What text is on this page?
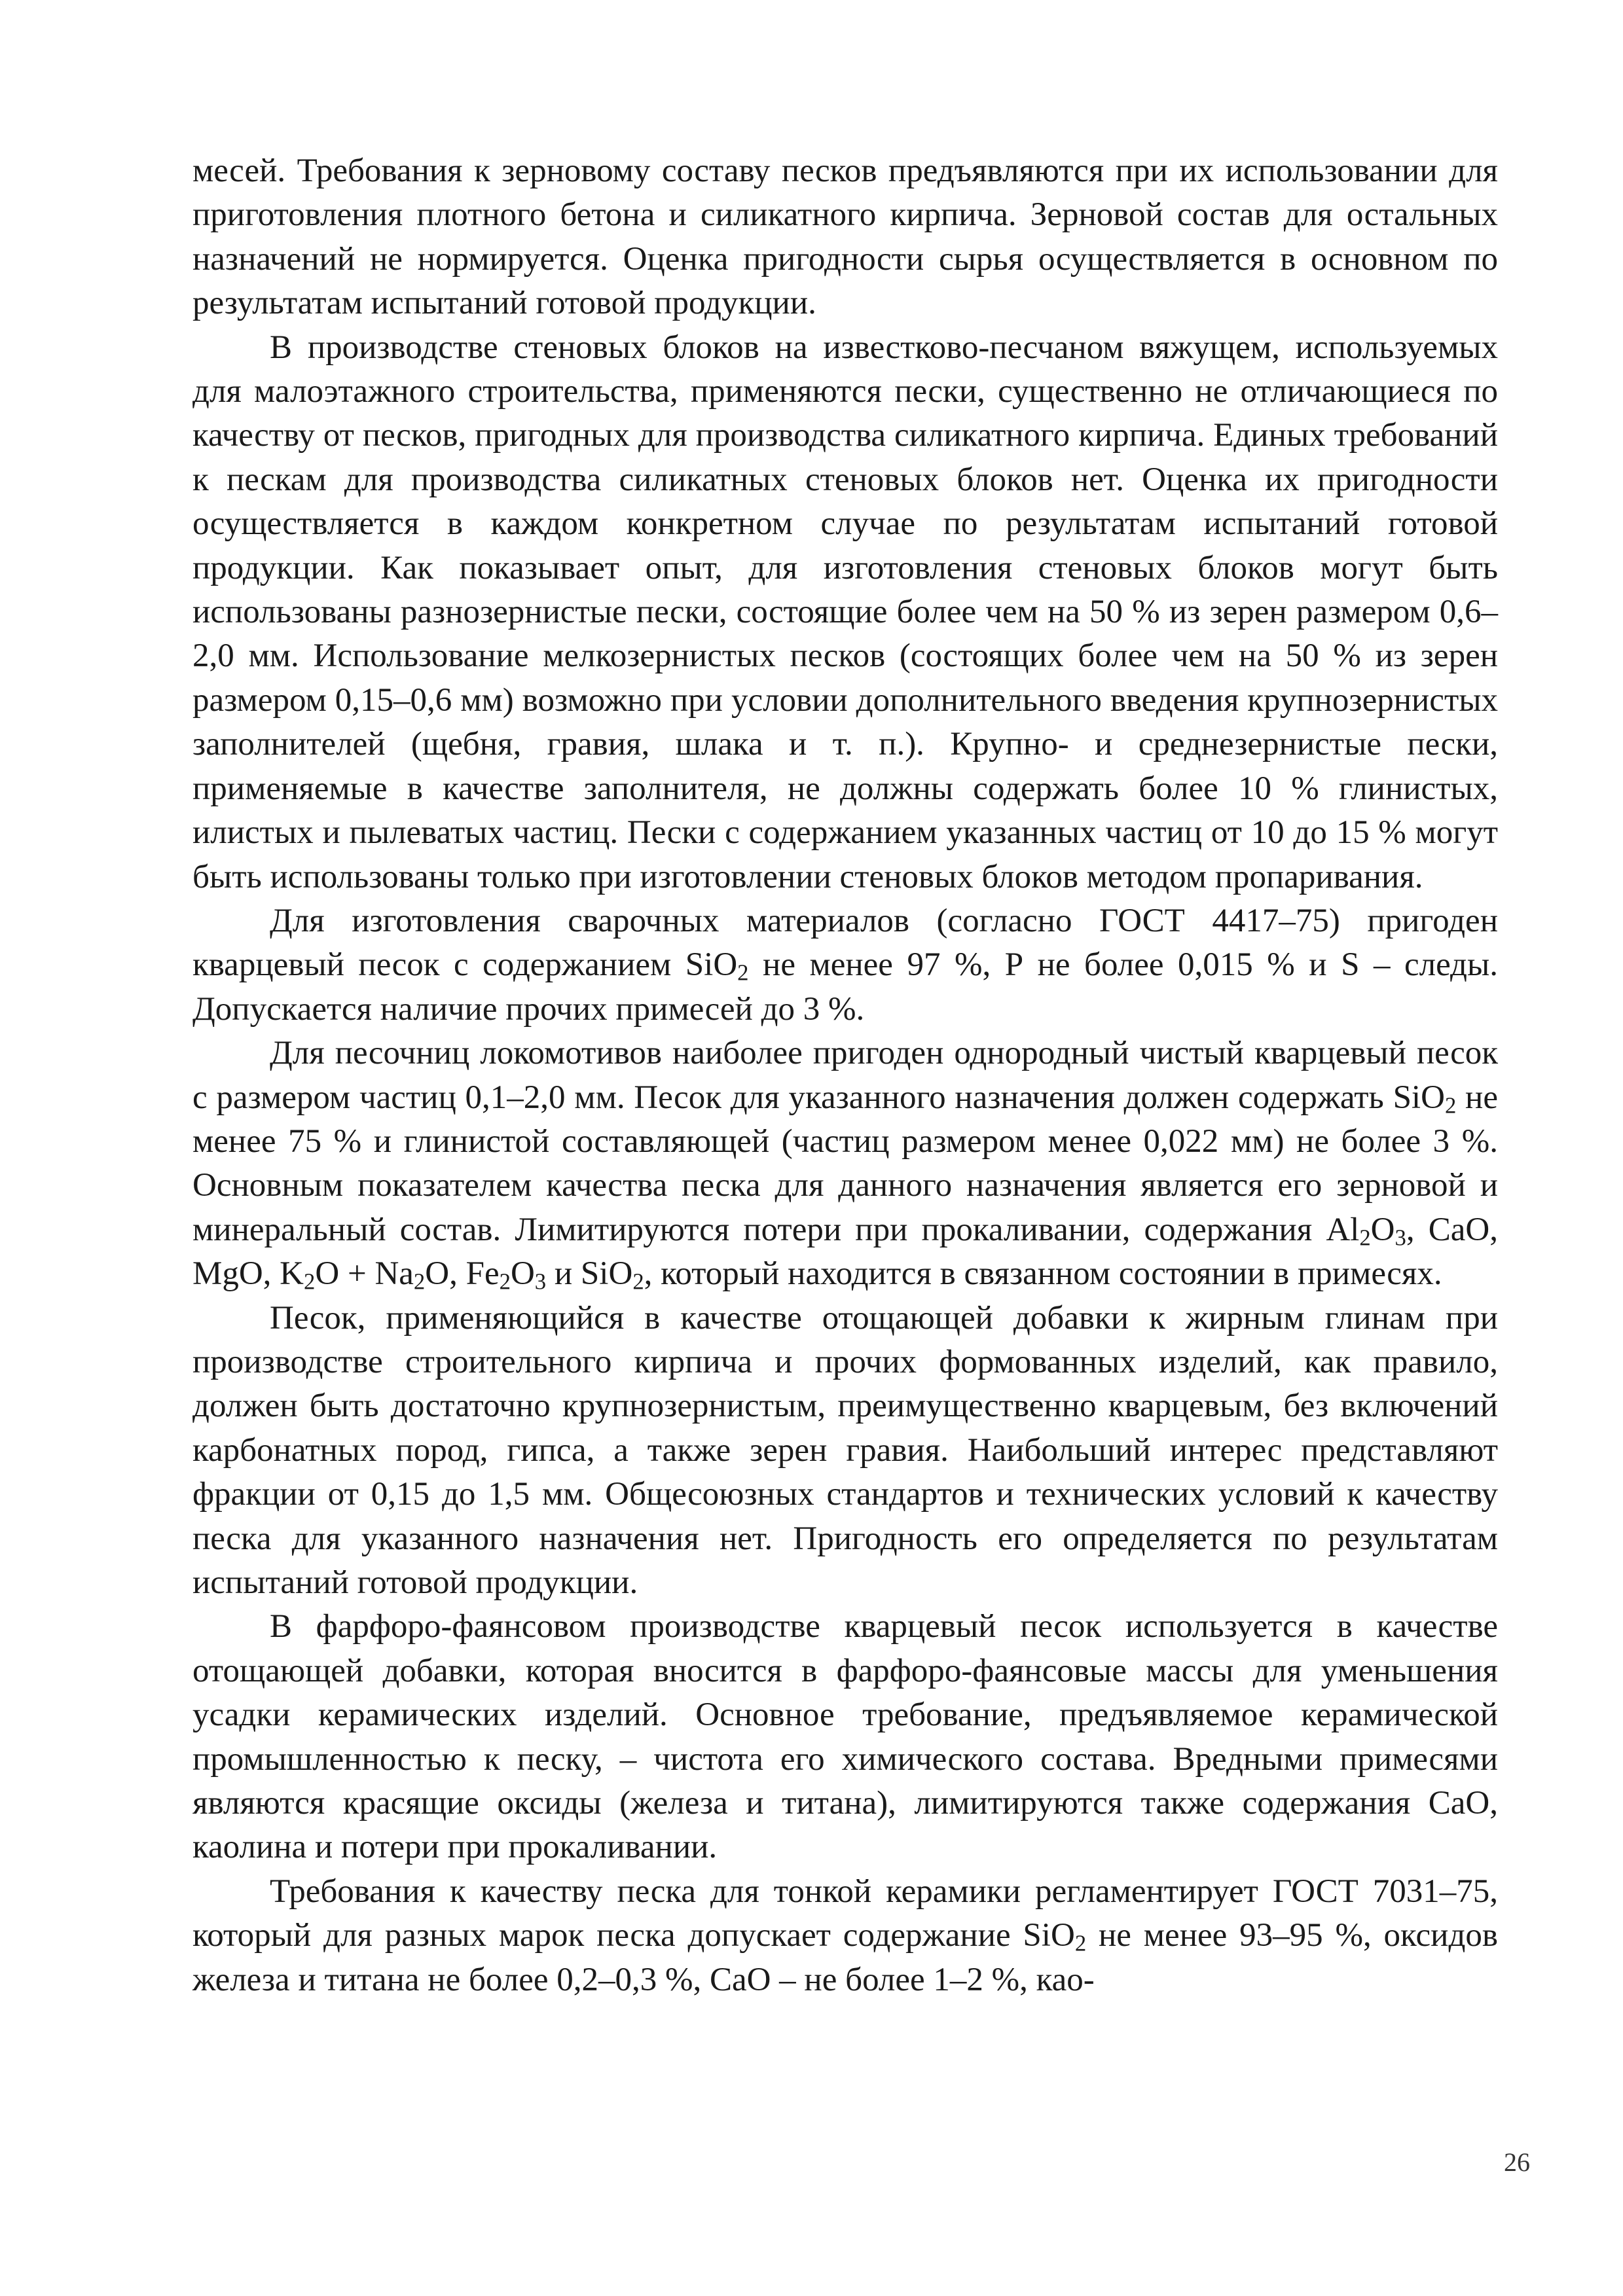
месей. Требования к зерновому составу песков предъявляются при их использовании для приготовления плотного бетона и силикатного кирпича. Зерновой состав для остальных назначений не нормируется. Оценка пригодности сырья осуществляется в основном по результатам испытаний готовой продукции.

В производстве стеновых блоков на известково-песчаном вяжущем, используемых для малоэтажного строительства, применяются пески, существенно не отличающиеся по качеству от песков, пригодных для производства силикатного кирпича. Единых требований к пескам для производства силикатных стеновых блоков нет. Оценка их пригодности осуществляется в каждом конкретном случае по результатам испытаний готовой продукции. Как показывает опыт, для изготовления стеновых блоков могут быть использованы разнозернистые пески, состоящие более чем на 50 % из зерен размером 0,6–2,0 мм. Использование мелкозернистых песков (состоящих более чем на 50 % из зерен размером 0,15–0,6 мм) возможно при условии дополнительного введения крупнозернистых заполнителей (щебня, гравия, шлака и т. п.). Крупно- и среднезернистые пески, применяемые в качестве заполнителя, не должны содержать более 10 % глинистых, илистых и пылеватых частиц. Пески с содержанием указанных частиц от 10 до 15 % могут быть использованы только при изготовлении стеновых блоков методом пропаривания.

Для изготовления сварочных материалов (согласно ГОСТ 4417–75) пригоден кварцевый песок с содержанием SiO$_2$ не менее 97 %, Р не более 0,015 % и S – следы. Допускается наличие прочих примесей до 3 %.

Для песочниц локомотивов наиболее пригоден однородный чистый кварцевый песок с размером частиц 0,1–2,0 мм. Песок для указанного назначения должен содержать SiO$_2$ не менее 75 % и глинистой составляющей (частиц размером менее 0,022 мм) не более 3 %. Основным показателем качества песка для данного назначения является его зерновой и минеральный состав. Лимитируются потери при прокаливании, содержания $Al_2O_3$, CaO, MgO, $K_2O + Na_2O$, $Fe_2O_3$ и SiO$_2$, который находится в связанном состоянии в примесях.

Песок, применяющийся в качестве отощающей добавки к жирным глинам при производстве строительного кирпича и прочих формованных изделий, как правило, должен быть достаточно крупнозернистым, преимущественно кварцевым, без включений карбонатных пород, гипса, а также зерен гравия. Наибольший интерес представляют фракции от 0,15 до 1,5 мм. Общесоюзных стандартов и технических условий к качеству песка для указанного назначения нет. Пригодность его определяется по результатам испытаний готовой продукции.

В фарфоро-фаянсовом производстве кварцевый песок используется в качестве отощающей добавки, которая вносится в фарфоро-фаянсовые массы для уменьшения усадки керамических изделий. Основное требование, предъявляемое керамической промышленностью к песку, – чистота его химического состава. Вредными примесями являются красящие оксиды (железа и титана), лимитируются также содержания СаО, каолина и потери при прокаливании.

Требования к качеству песка для тонкой керамики регламентирует ГОСТ 7031–75, который для разных марок песка допускает содержание SiO$_2$ не менее 93–95 %, оксидов железа и титана не более 0,2–0,3 %, CaO – не более 1–2 %, као-

26
